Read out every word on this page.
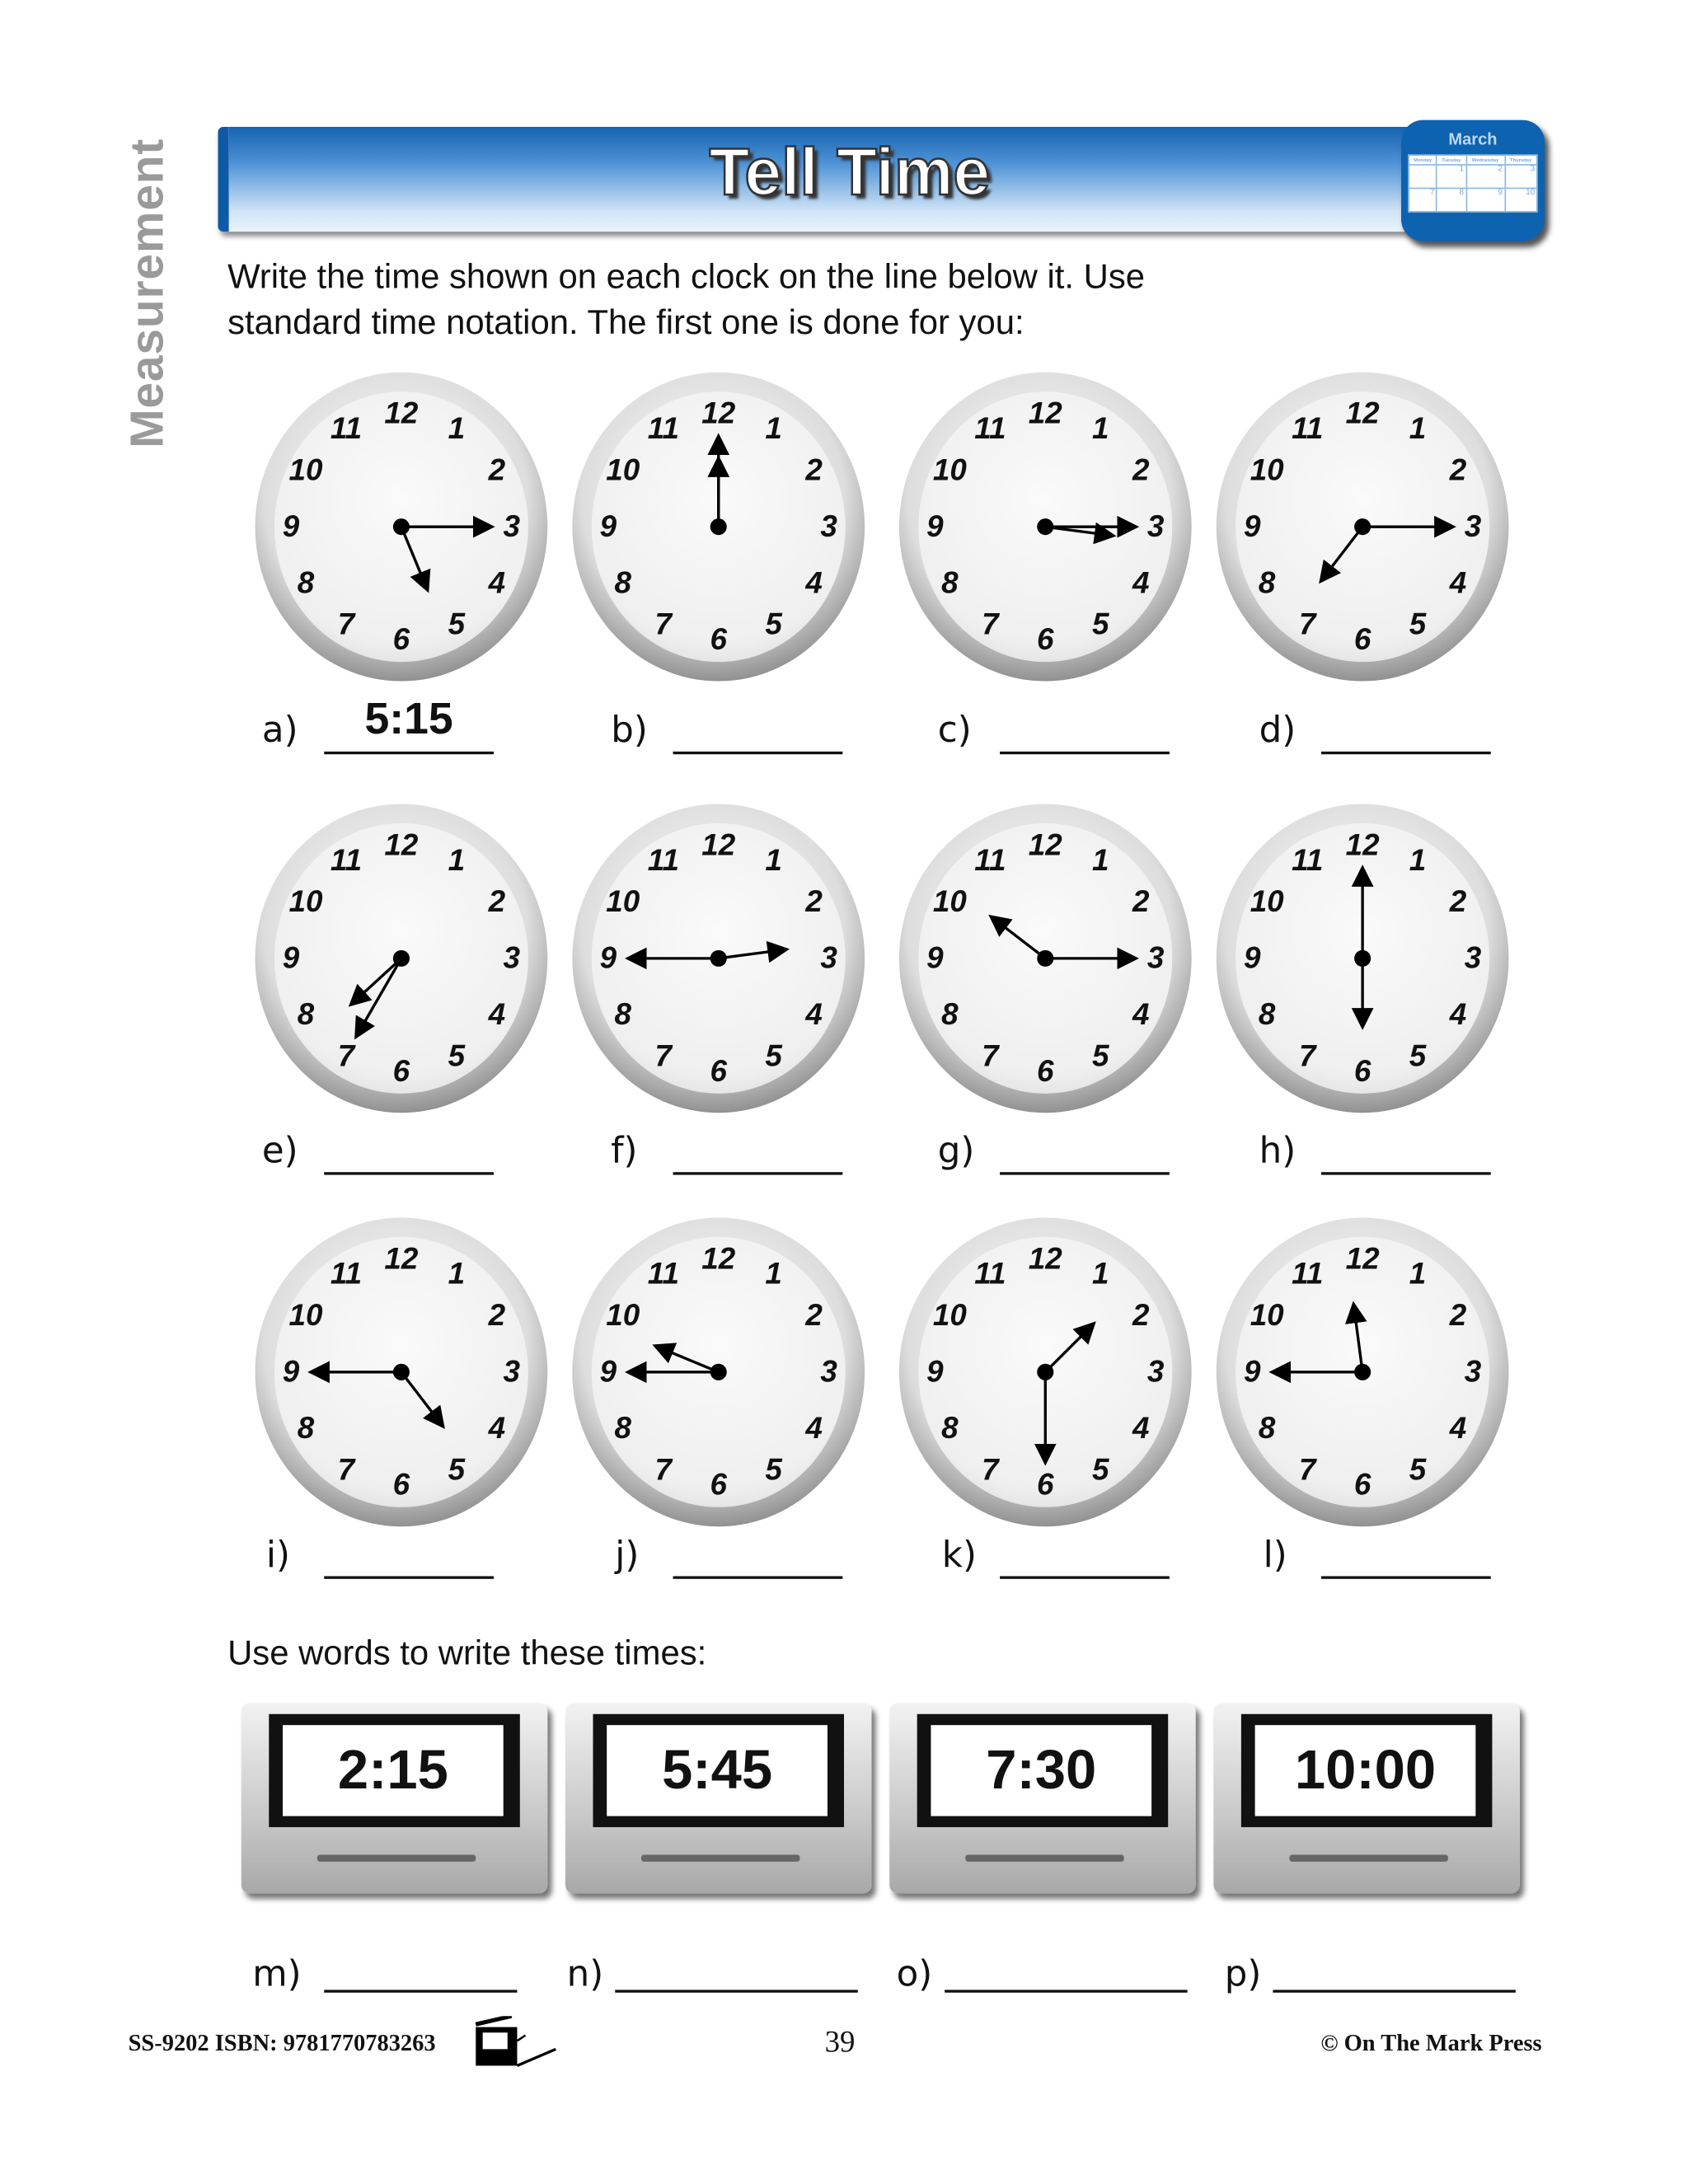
Measurement	Tell Time	March
Monday	Tuesday	Wednesday	Thursday
	1	2	3
7	8	9	10
Write the time shown on each clock on the line below it. Use standard time notation. The first one is done for you:
12 1
2
3
4
5
6
7
8
9
10
11
a)	5:15
12 1
2
3
4
5
6
7
8
9
10
11
b)
12 1
2
3
4
5
6
7
8
9
10
11
c)
12 1
2
3
4
5
6
7
8
9
10
11
d)
12 1
2
3
4
5
6
7
8
9
10
11
e)
12 1
2
3
4
5
6
7
8
9
10
11
f)
12 1
2
3
4
5
6
7
8
9
10
11
g)
12 1
2
3
4
5
6
7
8
9
10
11
h)
12 1
2
3
4
5
6
7
8
9
10
11
i)
12 1
2
3
4
5
6
7
8
9
10
11
j)
12 1
2
3
4
5
6
7
8
9
10
11
k)
12 1
2
3
4
5
6
7
8
9
10
11
l)
Use words to write these times:
2:15
m)
5:45
n)
7:30
o)
10:00
p)
SS-9202 ISBN: 9781770783263	39	© On The Mark Press
